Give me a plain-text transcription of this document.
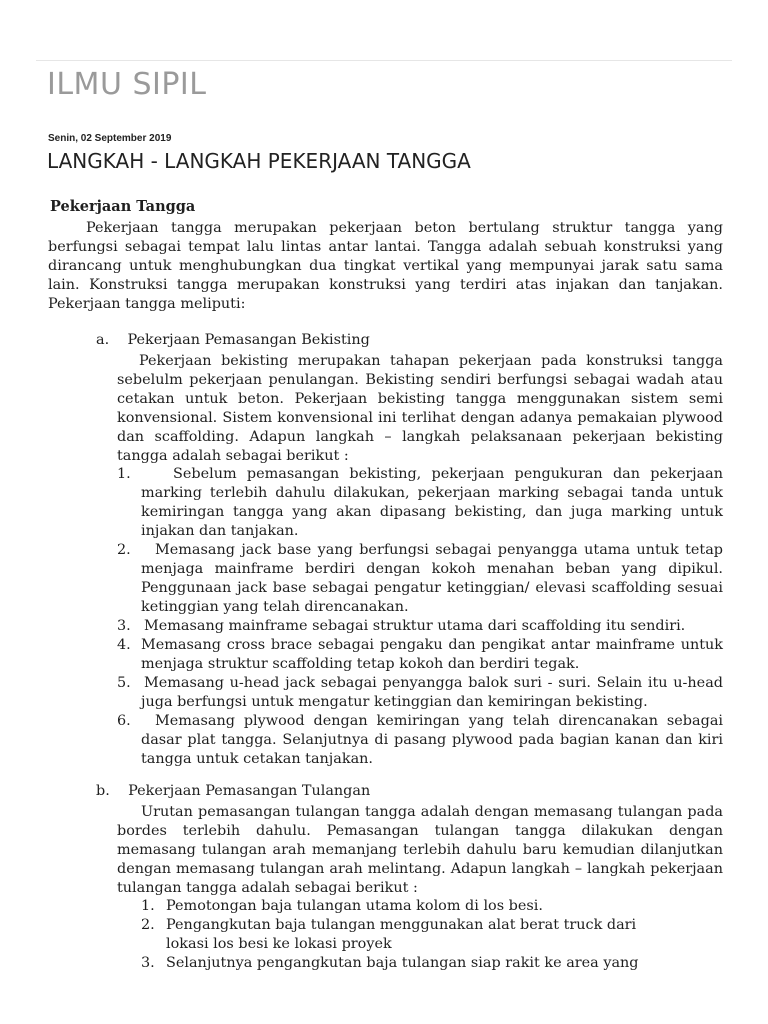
ILMU SIPIL
Senin, 02 September 2019
LANGKAH - LANGKAH PEKERJAAN TANGGA
Pekerjaan Tangga
Pekerjaan tangga merupakan pekerjaan beton bertulang struktur tangga yang berfungsi sebagai tempat lalu lintas antar lantai. Tangga adalah sebuah konstruksi yang dirancang untuk menghubungkan dua tingkat vertikal yang mempunyai jarak satu sama lain. Konstruksi tangga merupakan konstruksi yang terdiri atas injakan dan tanjakan. Pekerjaan tangga meliputi:
a.    Pekerjaan Pemasangan Bekisting
Pekerjaan bekisting merupakan tahapan pekerjaan pada konstruksi tangga sebelulm pekerjaan penulangan. Bekisting sendiri berfungsi sebagai wadah atau cetakan untuk beton. Pekerjaan bekisting tangga menggunakan sistem semi konvensional. Sistem konvensional ini terlihat dengan adanya pemakaian plywood dan scaffolding. Adapun langkah – langkah pelaksanaan pekerjaan bekisting tangga adalah sebagai berikut :
1.	Sebelum pemasangan bekisting, pekerjaan pengukuran dan pekerjaan marking terlebih dahulu dilakukan, pekerjaan marking sebagai tanda untuk kemiringan tangga yang akan dipasang bekisting, dan juga marking untuk injakan dan tanjakan.
2. Memasang jack base yang berfungsi sebagai penyangga utama untuk tetap menjaga mainframe berdiri dengan kokoh menahan beban yang dipikul. Penggunaan jack base sebagai pengatur ketinggian/ elevasi scaffolding sesuai ketinggian yang telah direncanakan.
3. Memasang mainframe sebagai struktur utama dari scaffolding itu sendiri.
4. Memasang cross brace sebagai pengaku dan pengikat antar mainframe untuk menjaga struktur scaffolding tetap kokoh dan berdiri tegak.
5. Memasang u-head jack sebagai penyangga balok suri - suri. Selain itu u-head juga berfungsi untuk mengatur ketinggian dan kemiringan bekisting.
6. Memasang plywood dengan kemiringan yang telah direncanakan sebagai dasar plat tangga. Selanjutnya di pasang plywood pada bagian kanan dan kiri tangga untuk cetakan tanjakan.
b.    Pekerjaan Pemasangan Tulangan
Urutan pemasangan tulangan tangga adalah dengan memasang tulangan pada bordes terlebih dahulu. Pemasangan tulangan tangga dilakukan dengan memasang tulangan arah memanjang terlebih dahulu baru kemudian dilanjutkan dengan memasang tulangan arah melintang. Adapun langkah – langkah pekerjaan tulangan tangga adalah sebagai berikut :
1. Pemotongan baja tulangan utama kolom di los besi.
2. Pengangkutan baja tulangan menggunakan alat berat truck dari lokasi los besi ke lokasi proyek
3. Selanjutnya pengangkutan baja tulangan siap rakit ke area yang
